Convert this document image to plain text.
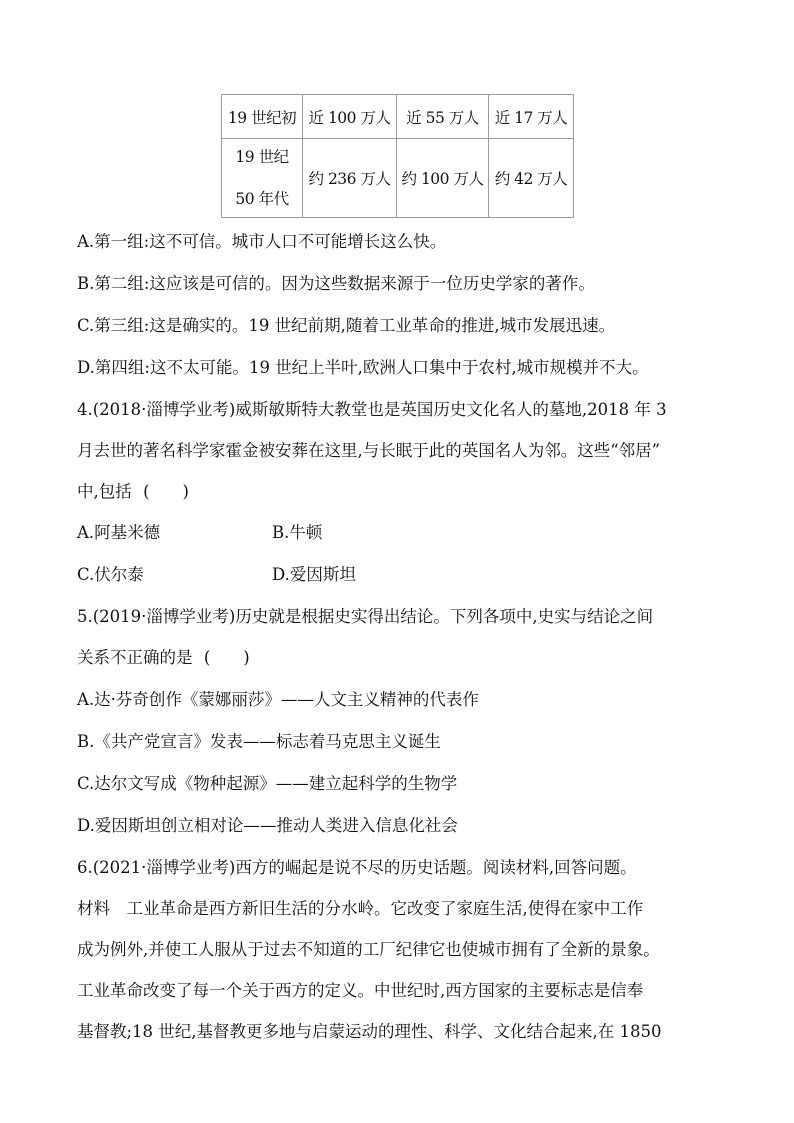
19 世纪初	近 100 万人	近 55 万人	近 17 万人

19 世纪
50 年代	约 236 万人	约 100 万人	约 42 万人
A.第一组:这不可信。城市人口不可能增长这么快。
B.第二组:这应该是可信的。因为这些数据来源于一位历史学家的著作。
C.第三组:这是确实的。19 世纪前期,随着工业革命的推进,城市发展迅速。
D.第四组:这不太可能。19 世纪上半叶,欧洲人口集中于农村,城市规模并不大。
4.(2018·淄博学业考)威斯敏斯特大教堂也是英国历史文化名人的墓地,2018 年 3
月去世的著名科学家霍金被安葬在这里,与长眠于此的英国名人为邻。这些“邻居”
中,包括 (　　)
A.阿基米德	B.牛顿
C.伏尔泰	D.爱因斯坦
5.(2019·淄博学业考)历史就是根据史实得出结论。下列各项中,史实与结论之间
关系不正确的是 (　　)
A.达·芬奇创作《蒙娜丽莎》——人文主义精神的代表作
B.《共产党宣言》发表——标志着马克思主义诞生
C.达尔文写成《物种起源》——建立起科学的生物学
D.爱因斯坦创立相对论——推动人类进入信息化社会
6.(2021·淄博学业考)西方的崛起是说不尽的历史话题。阅读材料,回答问题。
材料　工业革命是西方新旧生活的分水岭。它改变了家庭生活,使得在家中工作
成为例外,并使工人服从于过去不知道的工厂纪律它也使城市拥有了全新的景象。
工业革命改变了每一个关于西方的定义。中世纪时,西方国家的主要标志是信奉
基督教;18 世纪,基督教更多地与启蒙运动的理性、科学、文化结合起来,在 1850
